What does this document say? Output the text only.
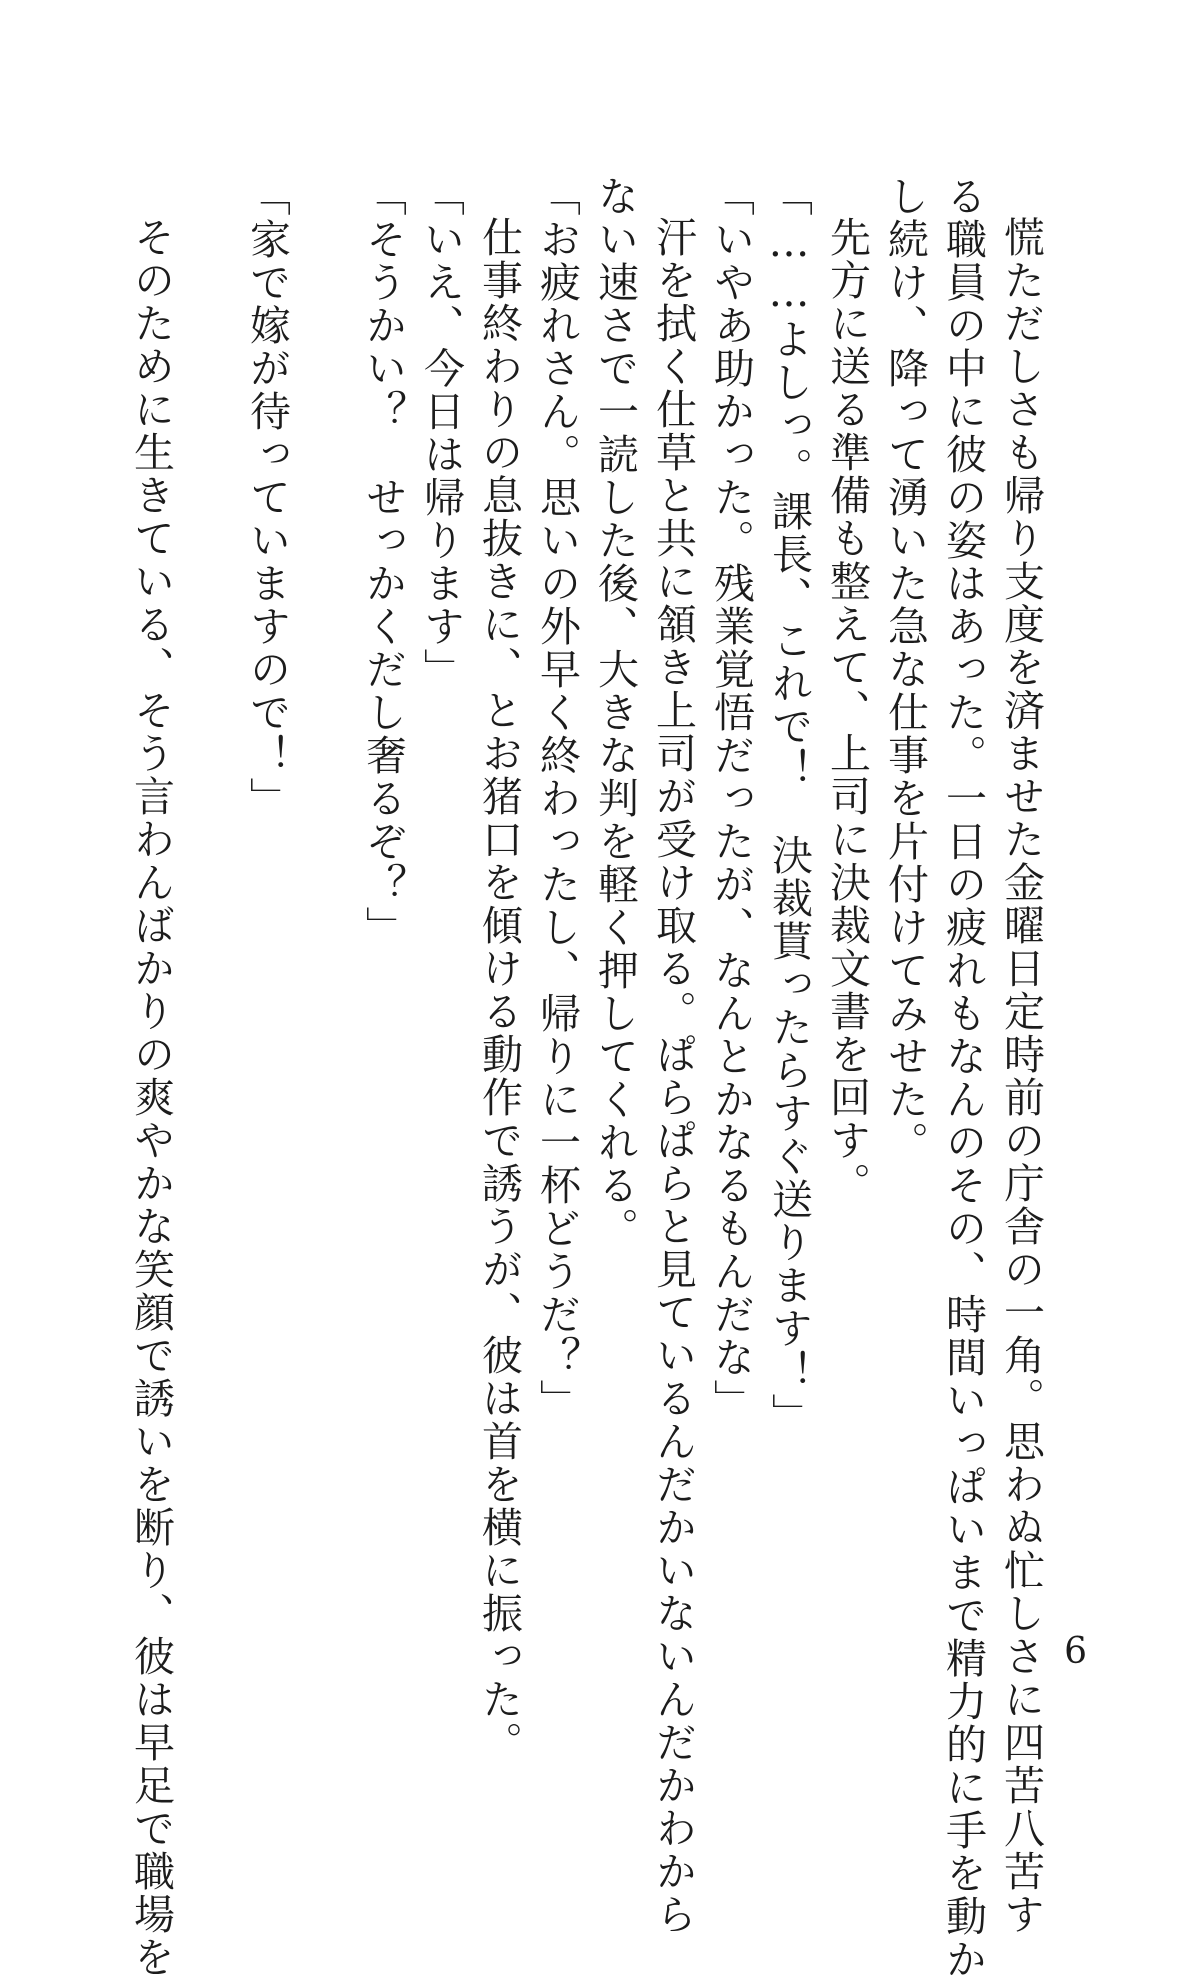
慌ただしさも帰り支度を済ませた金曜日定時前の庁舎の一角。思わぬ忙しさに四苦八苦す
る職員の中に彼の姿はあった。一日の疲れもなんのその、時間いっぱいまで精力的に手を動か
し続け、降って湧いた急な仕事を片付けてみせた。
先方に送る準備も整えて、上司に決裁文書を回す。
「……よしっ。課長、これで！　決裁貰ったらすぐ送ります！」
「いやあ助かった。残業覚悟だったが、なんとかなるもんだな」
汗を拭く仕草と共に頷き上司が受け取る。ぱらぱらと見ているんだかいないんだかわから
ない速さで一読した後、大きな判を軽く押してくれる。
「お疲れさん。思いの外早く終わったし、帰りに一杯どうだ？」
仕事終わりの息抜きに、とお猪口を傾ける動作で誘うが、彼は首を横に振った。
「いえ、今日は帰ります」
「そうかい？　せっかくだし奢るぞ？」
「家で嫁が待っていますので！」
そのために生きている、そう言わんばかりの爽やかな笑顔で誘いを断り、彼は早足で職場を	6
